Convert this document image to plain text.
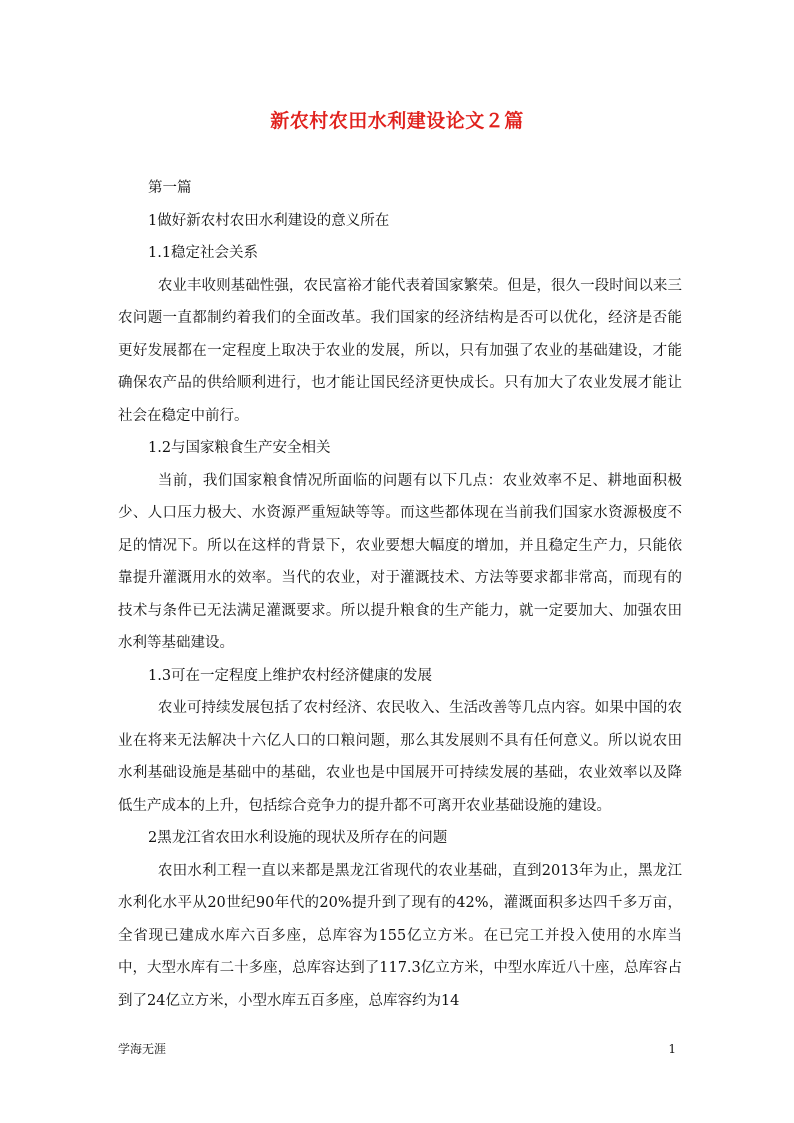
新农村农田水利建设论文２篇
第一篇
1做好新农村农田水利建设的意义所在
1.1稳定社会关系
农业丰收则基础性强，农民富裕才能代表着国家繁荣。但是，很久一段时间以来三农问题一直都制约着我们的全面改革。我们国家的经济结构是否可以优化，经济是否能更好发展都在一定程度上取决于农业的发展，所以，只有加强了农业的基础建设，才能确保农产品的供给顺利进行，也才能让国民经济更快成长。只有加大了农业发展才能让社会在稳定中前行。
1.2与国家粮食生产安全相关
当前，我们国家粮食情况所面临的问题有以下几点：农业效率不足、耕地面积极少、人口压力极大、水资源严重短缺等等。而这些都体现在当前我们国家水资源极度不足的情况下。所以在这样的背景下，农业要想大幅度的增加，并且稳定生产力，只能依靠提升灌溉用水的效率。当代的农业，对于灌溉技术、方法等要求都非常高，而现有的技术与条件已无法满足灌溉要求。所以提升粮食的生产能力，就一定要加大、加强农田水利等基础建设。
1.3可在一定程度上维护农村经济健康的发展
农业可持续发展包括了农村经济、农民收入、生活改善等几点内容。如果中国的农业在将来无法解决十六亿人口的口粮问题，那么其发展则不具有任何意义。所以说农田水利基础设施是基础中的基础，农业也是中国展开可持续发展的基础，农业效率以及降低生产成本的上升，包括综合竞争力的提升都不可离开农业基础设施的建设。
2黑龙江省农田水利设施的现状及所存在的问题
农田水利工程一直以来都是黑龙江省现代的农业基础，直到2013年为止，黑龙江水利化水平从20世纪90年代的20%提升到了现有的42%，灌溉面积多达四千多万亩，全省现已建成水库六百多座，总库容为155亿立方米。在已完工并投入使用的水库当中，大型水库有二十多座，总库容达到了117.3亿立方米，中型水库近八十座，总库容占到了24亿立方米，小型水库五百多座，总库容约为14
学海无涯	1
